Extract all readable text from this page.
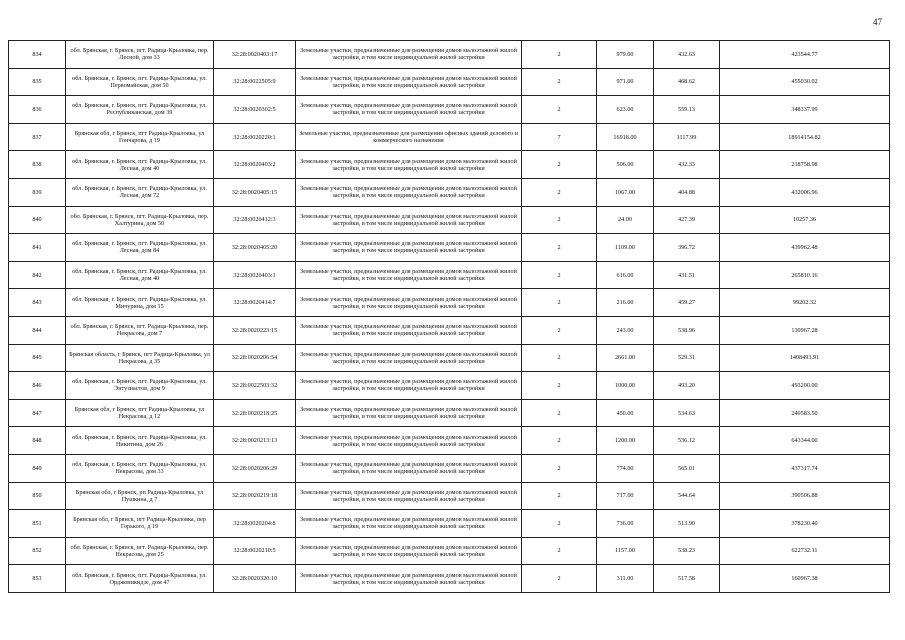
47
834	обл. Брянская, г. Брянск, пгт. Радица-Крыловка, пер. Лесной, дом 33	32:28:0020403:17	Земельные участки, предназначенные для размещения домов малоэтажной жилой застройки, в том числе индивидуальной жилой застройки	2	979.00	432.63	423544.77
835	обл. Брянская, г. Брянск, пгт. Радица-Крыловка, ул. Первомайская, дом 50	32:28:0022505:9	Земельные участки, предназначенные для размещения домов малоэтажной жилой застройки, в том числе индивидуальной жилой застройки	2	971.00	468.62	455030.02
836	обл. Брянская, г. Брянск, пгт. Радица-Крыловка, ул. Республиканская, дом 39	32:28:0020302:5	Земельные участки, предназначенные для размещения домов малоэтажной жилой застройки, в том числе индивидуальной жилой застройки	2	623.00	559.13	348337.99
837	Брянская обл, г Брянск, пгт Радица-Крыловка, ул Гончарова, д 19	32:28:0020220:1	Земельные участки, предназначенные для размещения офисных зданий делового и коммерческого назначения	7	16918.00	1117.99	18914154.82
838	обл. Брянская, г. Брянск, пгт. Радица-Крыловка, ул. Лесная, дом 40	32:28:0020403:2	Земельные участки, предназначенные для размещения домов малоэтажной жилой застройки, в том числе индивидуальной жилой застройки	2	506.00	432.33	218758.98
839	обл. Брянская, г. Брянск, пгт. Радица-Крыловка, ул. Лесная, дом 72	32:28:0020405:15	Земельные участки, предназначенные для размещения домов малоэтажной жилой застройки, в том числе индивидуальной жилой застройки	2	1067.00	404.88	432006.96
840	обл. Брянская, г. Брянск, пгт. Радица-Крыловка, пер. Халтурина, дом 50	32:28:0020412:3	Земельные участки, предназначенные для размещения домов малоэтажной жилой застройки, в том числе индивидуальной жилой застройки	2	24.00	427.39	10257.36
841	обл. Брянская, г. Брянск, пгт. Радица-Крыловка, ул. Лесная, дом 84	32:28:0020405:20	Земельные участки, предназначенные для размещения домов малоэтажной жилой застройки, в том числе индивидуальной жилой застройки	2	1109.00	396.72	439962.48
842	обл. Брянская, г. Брянск, пгт. Радица-Крыловка, ул. Лесная, дом 40	32:28:0020403:1	Земельные участки, предназначенные для размещения домов малоэтажной жилой застройки, в том числе индивидуальной жилой застройки	2	616.00	431.51	265810.16
843	обл. Брянская, г. Брянск, пгт. Радица-Крыловка, ул. Мичурина, дом 15	32:28:0020414:7	Земельные участки, предназначенные для размещения домов малоэтажной жилой застройки, в том числе индивидуальной жилой застройки	2	216.00	459.27	99202.32
844	обл. Брянская, г. Брянск, пгт. Радица-Крыловка, пер. Некрасова, дом 7	32:28:0020223:15	Земельные участки, предназначенные для размещения домов малоэтажной жилой застройки, в том числе индивидуальной жилой застройки	2	243.00	538.96	130967.28
845	Брянская область, г Брянск, пгт Радица-Крыловка, ул Некрасова, д 35	32:28:0020206:54	Земельные участки, предназначенные для размещения домов малоэтажной жилой застройки, в том числе индивидуальной жилой застройки	2	2661.00	529.31	1408493.91
846	обл. Брянская, г. Брянск, пгт. Радица-Крыловка, ул. Энтузиастов, дом 9	32:28:0022503:32	Земельные участки, предназначенные для размещения домов малоэтажной жилой застройки, в том числе индивидуальной жилой застройки	2	1000.00	493.20	493200.00
847	Брянская обл, г Брянск, пгт Радица-Крыловка, ул Некрасова, д 12	32:28:0020218:25	Земельные участки, предназначенные для размещения домов малоэтажной жилой застройки, в том числе индивидуальной жилой застройки	2	450.00	534.63	240583.50
848	обл. Брянская, г. Брянск, пгт. Радица-Крыловка, ул. Никитина, дом 26	32:28:0020213:13	Земельные участки, предназначенные для размещения домов малоэтажной жилой застройки, в том числе индивидуальной жилой застройки	2	1200.00	536.12	643344.00
849	обл. Брянская, г. Брянск, пгт. Радица-Крыловка, ул. Некрасова, дом 33	32:28:0020206:29	Земельные участки, предназначенные для размещения домов малоэтажной жилой застройки, в том числе индивидуальной жилой застройки	2	774.00	565.01	437317.74
850	Брянская обл, г Брянск, рп Радица-Крыловка, ул Пушкина, д 7	32:28:0020219:18	Земельные участки, предназначенные для размещения домов малоэтажной жилой застройки, в том числе индивидуальной жилой застройки	2	717.00	544.64	390506.88
851	Брянская обл, г Брянск, пгт Радица-Крыловка, пер Горького, д 19	32:28:0020204:8	Земельные участки, предназначенные для размещения домов малоэтажной жилой застройки, в том числе индивидуальной жилой застройки	2	736.00	513.90	378230.40
852	обл. Брянская, г. Брянск, пгт. Радица-Крыловка, пер. Некрасова, дом 25	32:28:0020210:5	Земельные участки, предназначенные для размещения домов малоэтажной жилой застройки, в том числе индивидуальной жилой застройки	2	1157.00	538.23	622732.11
853	обл. Брянская, г. Брянск, пгт. Радица-Крыловка, ул. Орджоникидзе, дом 47	32:28:0020320:10	Земельные участки, предназначенные для размещения домов малоэтажной жилой застройки, в том числе индивидуальной жилой застройки	2	311.00	517.58	160967.38
